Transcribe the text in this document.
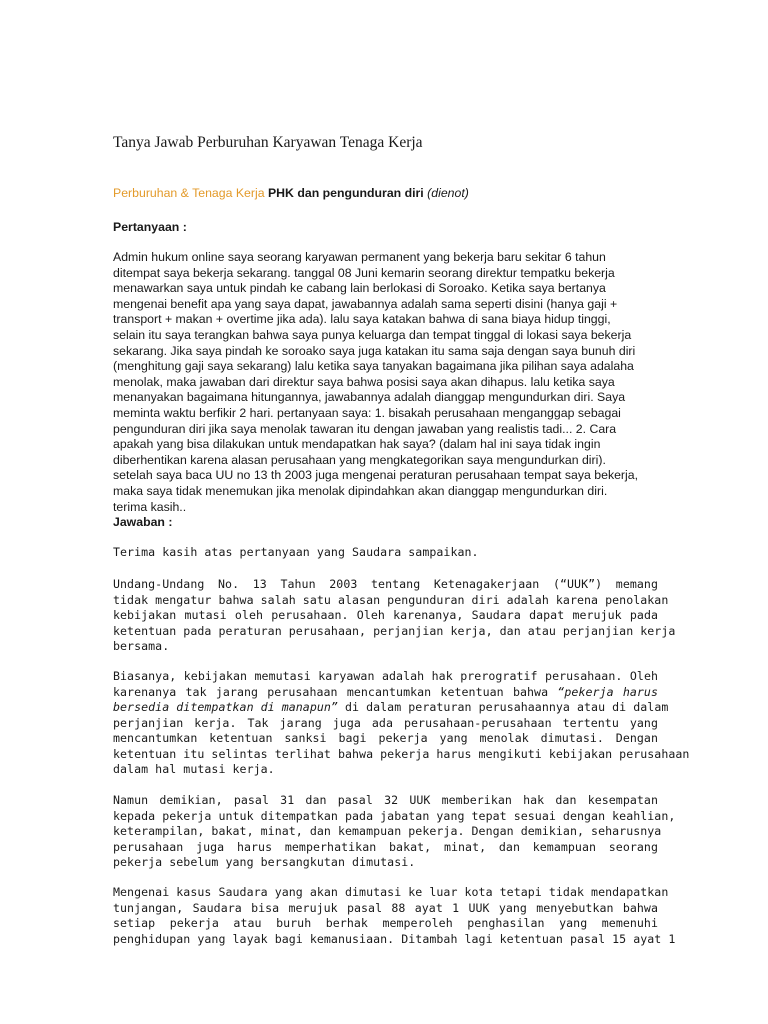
Tanya Jawab Perburuhan Karyawan Tenaga Kerja

Perburuhan & Tenaga Kerja PHK dan pengunduran diri (dienot)

Pertanyaan :

Admin hukum online saya seorang karyawan permanent yang bekerja baru sekitar 6 tahun
ditempat saya bekerja sekarang. tanggal 08 Juni kemarin seorang direktur tempatku bekerja
menawarkan saya untuk pindah ke cabang lain berlokasi di Soroako. Ketika saya bertanya
mengenai benefit apa yang saya dapat, jawabannya adalah sama seperti disini (hanya gaji +
transport + makan + overtime jika ada). lalu saya katakan bahwa di sana biaya hidup tinggi,
selain itu saya terangkan bahwa saya punya keluarga dan tempat tinggal di lokasi saya bekerja
sekarang. Jika saya pindah ke soroako saya juga katakan itu sama saja dengan saya bunuh diri
(menghitung gaji saya sekarang) lalu ketika saya tanyakan bagaimana jika pilihan saya adalaha
menolak, maka jawaban dari direktur saya bahwa posisi saya akan dihapus. lalu ketika saya
menanyakan bagaimana hitungannya, jawabannya adalah dianggap mengundurkan diri. Saya
meminta waktu berfikir 2 hari. pertanyaan saya: 1. bisakah perusahaan menganggap sebagai
pengunduran diri jika saya menolak tawaran itu dengan jawaban yang realistis tadi... 2. Cara
apakah yang bisa dilakukan untuk mendapatkan hak saya? (dalam hal ini saya tidak ingin
diberhentikan karena alasan perusahaan yang mengkategorikan saya mengundurkan diri).
setelah saya baca UU no 13 th 2003 juga mengenai peraturan perusahaan tempat saya bekerja,
maka saya tidak menemukan jika menolak dipindahkan akan dianggap mengundurkan diri.
terima kasih..

Jawaban :

Terima kasih atas pertanyaan yang Saudara sampaikan.

Undang-Undang No. 13 Tahun 2003 tentang Ketenagakerjaan (“UUK”) memang
tidak mengatur bahwa salah satu alasan pengunduran diri adalah karena penolakan
kebijakan mutasi oleh perusahaan. Oleh karenanya, Saudara dapat merujuk pada
ketentuan pada peraturan perusahaan, perjanjian kerja, dan atau perjanjian kerja
bersama.

Biasanya, kebijakan memutasi karyawan adalah hak prerogratif perusahaan. Oleh
karenanya tak jarang perusahaan mencantumkan ketentuan bahwa “pekerja harus
bersedia ditempatkan di manapun” di dalam peraturan perusahaannya atau di dalam
perjanjian kerja. Tak jarang juga ada perusahaan-perusahaan tertentu yang
mencantumkan ketentuan sanksi bagi pekerja yang menolak dimutasi. Dengan
ketentuan itu selintas terlihat bahwa pekerja harus mengikuti kebijakan perusahaan
dalam hal mutasi kerja.

Namun demikian, pasal 31 dan pasal 32 UUK memberikan hak dan kesempatan
kepada pekerja untuk ditempatkan pada jabatan yang tepat sesuai dengan keahlian,
keterampilan, bakat, minat, dan kemampuan pekerja. Dengan demikian, seharusnya
perusahaan juga harus memperhatikan bakat, minat, dan kemampuan seorang
pekerja sebelum yang bersangkutan dimutasi.

Mengenai kasus Saudara yang akan dimutasi ke luar kota tetapi tidak mendapatkan
tunjangan, Saudara bisa merujuk pasal 88 ayat 1 UUK yang menyebutkan bahwa
setiap pekerja atau buruh berhak memperoleh penghasilan yang memenuhi
penghidupan yang layak bagi kemanusiaan. Ditambah lagi ketentuan pasal 15 ayat 1
